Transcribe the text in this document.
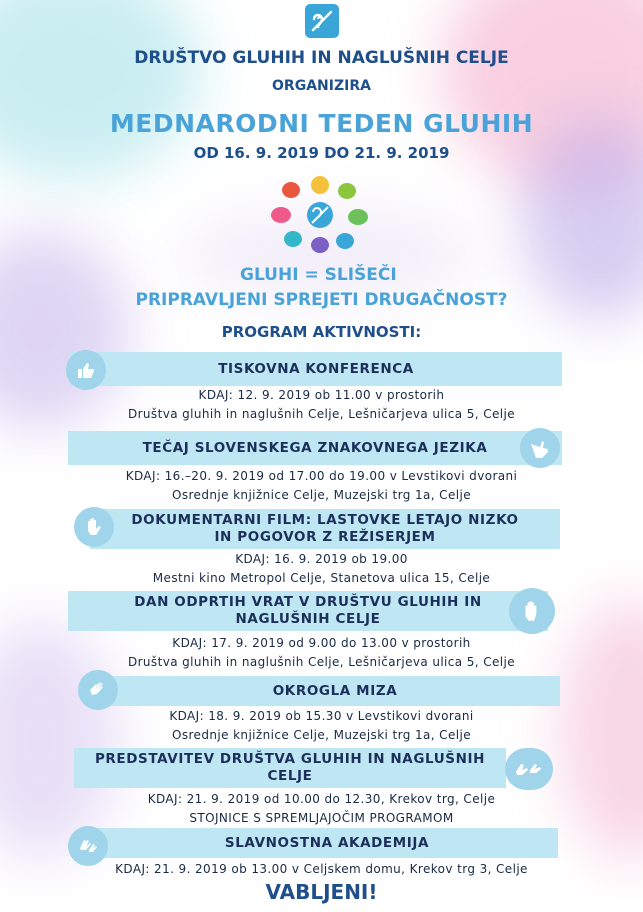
DRUŠTVO GLUHIH IN NAGLUŠNIH CELJE
ORGANIZIRA
MEDNARODNI TEDEN GLUHIH
OD 16. 9. 2019 DO 21. 9. 2019
GLUHI = SLIŠEČI
PRIPRAVLJENI SPREJETI DRUGAČNOST?
PROGRAM AKTIVNOSTI:
TISKOVNA KONFERENCA
KDAJ: 12. 9. 2019 ob 11.00 v prostorih
Društva gluhih in naglušnih Celje, Lešničarjeva ulica 5, Celje
TEČAJ SLOVENSKEGA ZNAKOVNEGA JEZIKA
KDAJ: 16.–20. 9. 2019 od 17.00 do 19.00 v Levstikovi dvorani
Osrednje knjižnice Celje, Muzejski trg 1a, Celje
DOKUMENTARNI FILM: LASTOVKE LETAJO NIZKO
IN POGOVOR Z REŽISERJEM
KDAJ: 16. 9. 2019 ob 19.00
Mestni kino Metropol Celje, Stanetova ulica 15, Celje
DAN ODPRTIH VRAT V DRUŠTVU GLUHIH IN
NAGLUŠNIH CELJE
KDAJ: 17. 9. 2019 od 9.00 do 13.00 v prostorih
Društva gluhih in naglušnih Celje, Lešničarjeva ulica 5, Celje
OKROGLA MIZA
KDAJ: 18. 9. 2019 ob 15.30 v Levstikovi dvorani
Osrednje knjižnice Celje, Muzejski trg 1a, Celje
PREDSTAVITEV DRUŠTVA GLUHIH IN NAGLUŠNIH
CELJE
KDAJ: 21. 9. 2019 od 10.00 do 12.30, Krekov trg, Celje
STOJNICE S SPREMLJAJOČIM PROGRAMOM
SLAVNOSTNA AKADEMIJA
KDAJ: 21. 9. 2019 ob 13.00 v Celjskem domu, Krekov trg 3, Celje
VABLJENI!
